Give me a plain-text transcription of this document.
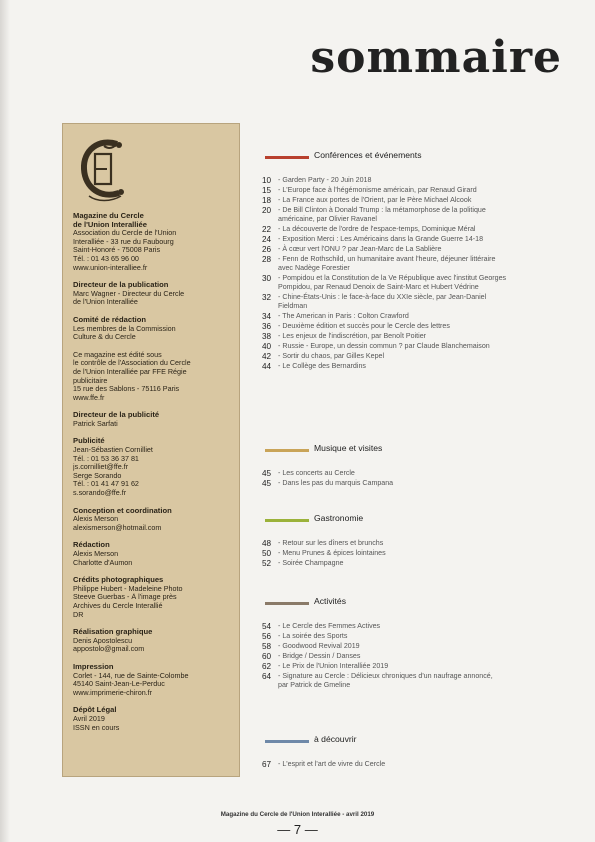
sommaire
Magazine du Cercle
de l'Union Interalliée
Association du Cercle de l'Union
Interalliée - 33 rue du Faubourg
Saint-Honoré - 75008 Paris
Tél. : 01 43 65 96 00
www.union-interalliee.fr
Directeur de la publication
Marc Wagner - Directeur du Cercle
de l'Union Interalliée
Comité de rédaction
Les membres de la Commission
Culture & du Cercle
Ce magazine est édité sous
le contrôle de l'Association du Cercle
de l'Union Interalliée par FFE Régie
publicitaire
15 rue des Sablons - 75116 Paris
www.ffe.fr
Directeur de la publicité
Patrick Sarfati
Publicité
Jean-Sébastien Cornilliet
Tél. : 01 53 36 37 81
js.cornilliet@ffe.fr
Serge Sorando
Tél. : 01 41 47 91 62
s.sorando@ffe.fr
Conception et coordination
Alexis Merson
alexismerson@hotmail.com
Rédaction
Alexis Merson
Charlotte d'Aumon
Crédits photographiques
Philippe Hubert - Madeleine Photo
Steeve Guerbas - À l'image près
Archives du Cercle Interallié
DR
Réalisation graphique
Denis Apostolescu
appostolo@gmail.com
Impression
Corlet - 144, rue de Sainte-Colombe
45140 Saint-Jean-Le-Perduc
www.imprimerie-chiron.fr
Dépôt Légal
Avril 2019
ISSN en cours
Conférences et événements
10 - Garden Party - 20 Juin 2018
15 - L'Europe face à l'hégémonisme américain, par Renaud Girard
18 - La France aux portes de l'Orient, par le Père Michael Alcook
20 - De Bill Clinton à Donald Trump : la métamorphose de la politique
américaine, par Olivier Ravanel
22 - La découverte de l'ordre de l'espace-temps, Dominique Méral
24 - Exposition Merci : Les Américains dans la Grande Guerre 14-18
26 - À cœur vert l'ONU ? par Jean-Marc de La Sablière
28 - Fenn de Rothschild, un humanitaire avant l'heure, déjeuner littéraire
avec Nadège Forestier
30 - Pompidou et la Constitution de la Ve République avec l'institut Georges
Pompidou, par Renaud Denoix de Saint-Marc et Hubert Védrine
32 - Chine-États-Unis : le face-à-face du XXIe siècle, par Jean-Daniel
Fieldman
34 - The American in Paris : Colton Crawford
36 - Deuxième édition et succès pour le Cercle des lettres
38 - Les enjeux de l'indiscrétion, par Benoît Poitier
40 - Russie - Europe, un dessin commun ? par Claude Blanchemaison
42 - Sortir du chaos, par Gilles Kepel
44 - Le Collège des Bernardins
Musique et visites
45 - Les concerts au Cercle
45 - Dans les pas du marquis Campana
Gastronomie
48 - Retour sur les dîners et brunchs
50 - Menu Prunes & épices lointaines
52 - Soirée Champagne
Activités
54 - Le Cercle des Femmes Actives
56 - La soirée des Sports
58 - Goodwood Revival 2019
60 - Bridge / Dessin / Danses
62 - Le Prix de l'Union Interalliée 2019
64 - Signature au Cercle : Délicieux chroniques d'un naufrage annoncé,
par Patrick de Gmeline
à découvrir
67 - L'esprit et l'art de vivre du Cercle
Magazine du Cercle de l'Union Interalliée - avril 2019
— 7 —
